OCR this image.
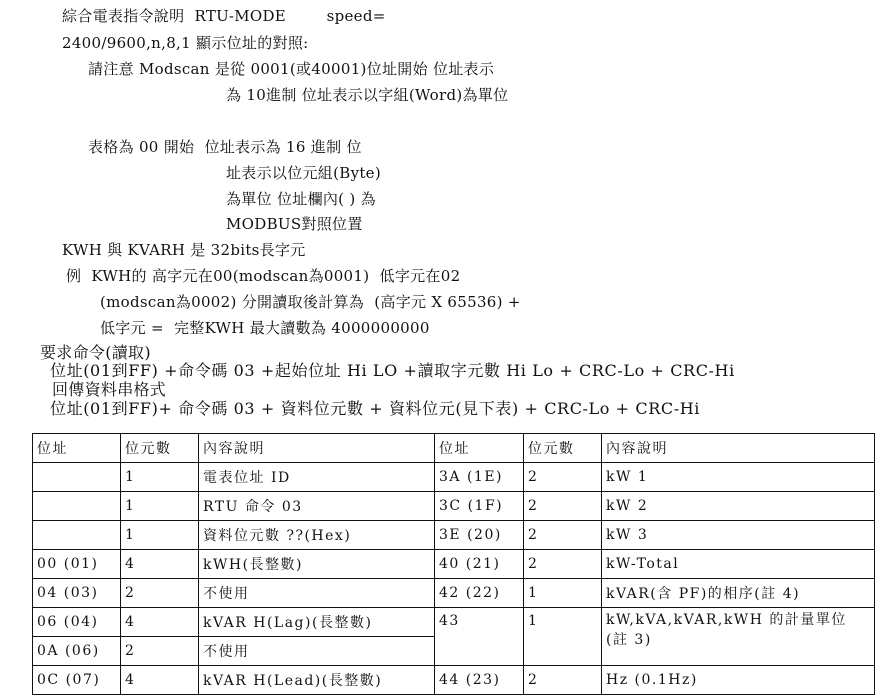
綜合電表指令說明  RTU-MODE        speed=
2400/9600,n,8,1 顯示位址的對照:
請注意 Modscan 是從 0001(或40001)位址開始 位址表示
為 10進制 位址表示以字組(Word)為單位
表格為 00 開始  位址表示為 16 進制 位
址表示以位元組(Byte)
為單位 位址欄內( ) 為
MODBUS對照位置
KWH 與 KVARH 是 32bits長字元
例  KWH的 高字元在00(modscan為0001)  低字元在02
(modscan為0002) 分開讀取後計算為  (高字元 X 65536) +
低字元 =  完整KWH 最大讀數為 4000000000
要求命令(讀取)
位址(01到FF) +命令碼 03 +起始位址 Hi LO +讀取字元數 Hi Lo + CRC-Lo + CRC-Hi
回傳資料串格式
位址(01到FF)+ 命令碼 03 + 資料位元數 + 資料位元(見下表) + CRC-Lo + CRC-Hi
位址	位元數	內容說明	位址	位元數	內容說明
	1	電表位址 ID	3A (1E)	2	kW 1
	1	RTU 命令 03	3C (1F)	2	kW 2
	1	資料位元數 ??(Hex)	3E (20)	2	kW 3
00 (01)	4	kWH(長整數)	40 (21)	2	kW-Total
04 (03)	2	不使用	42 (22)	1	kVAR(含 PF)的相序(註 4)
06 (04)	4	kVAR H(Lag)(長整數)	43	1	kW,kVA,kVAR,kWH 的計量單位 (註 3)
0A (06)	2	不使用			
0C (07)	4	kVAR H(Lead)(長整數)	44 (23)	2	Hz (0.1Hz)
